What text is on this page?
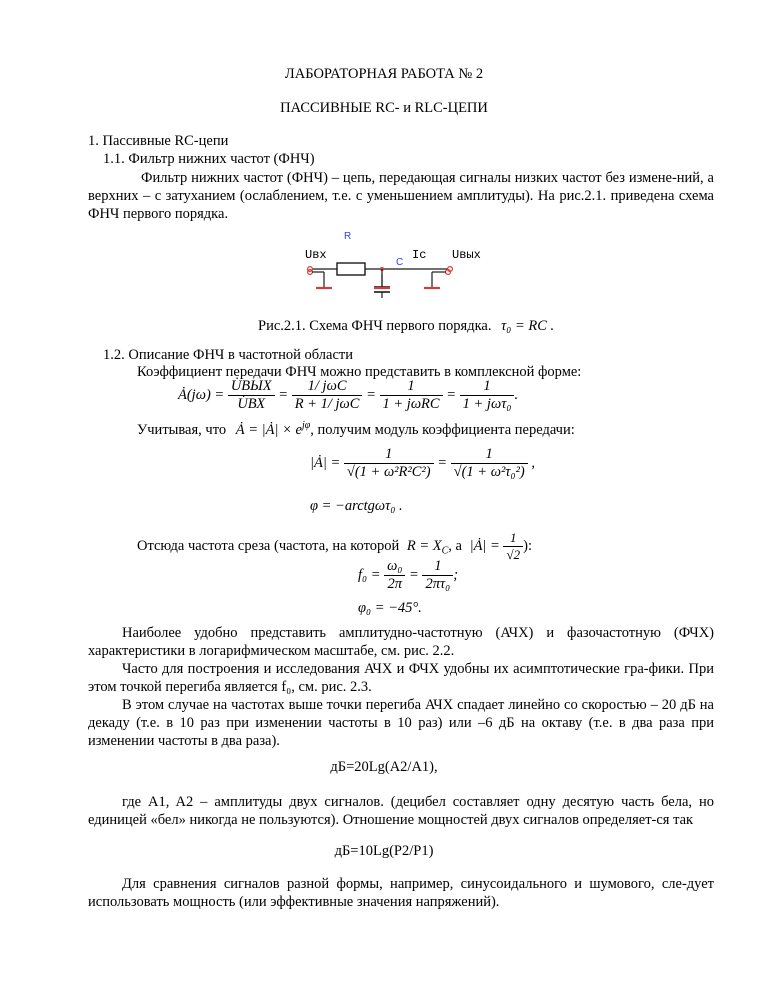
ЛАБОРАТОРНАЯ РАБОТА № 2
ПАССИВНЫЕ RC- и RLC-ЦЕПИ
1. Пассивные RC-цепи
1.1. Фильтр нижних частот (ФНЧ)
Фильтр нижних частот (ФНЧ) – цепь, передающая сигналы низких частот без измене-ний, а верхних – с затуханием (ослаблением, т.е. с уменьшением амплитуды). На рис.2.1. приведена схема ФНЧ первого порядка.
R
C
Uвх	Ic Uвых
Рис.2.1. Схема ФНЧ первого порядка. τ₀ = RC .
1.2. Описание ФНЧ в частотной области
Коэффициент передачи ФНЧ можно представить в комплексной форме:
Ȧ(jω) = $\frac{\text{U̇ВЫХ}}{U̇ВХ} = \frac{\text{1/ jωC}}{\text{R + 1/ jωC}} = \frac{1}{\text{1 + jωRC}} = \frac{1}{\text{1 + jωτ₀}}$ .
Учитывая, что Ȧ = |Ȧ| × $e^{j\varphi}$, получим модуль коэффициента передачи:
|Ȧ| = $\frac{1}{\text{√(1 + ω²R²C²)}} = \frac{1}{\text{√(1 + ω²τ₀²)}}$ ,
φ = −arctgωτ₀ .
Отсюда частота среза (частота, на которой $R = X_C$, а |Ȧ| = $\frac{1}{√2}$ ):
$f_0 = \frac{\text{ω₀}}{2\pi} = \frac{1}{\text{2πτ₀}}$ ;
φ₀ = −45°.
Наиболее удобно представить амплитудно-частотную (АЧХ) и фазочастотную (ФЧХ) характеристики в логарифмическом масштабе, см. рис. 2.2.
Часто для построения и исследования АЧХ и ФЧХ удобны их асимптотические гра-фики. При этом точкой перегиба является f₀, см. рис. 2.3.
В этом случае на частотах выше точки перегиба АЧХ спадает линейно со скоростью – 20 дБ на декаду (т.е. в 10 раз при изменении частоты в 10 раз) или –6 дБ на октаву (т.е. в два раза при изменении частоты в два раза).
дБ=20Lg(A2/A1),
где A1, A2 – амплитуды двух сигналов. (децибел составляет одну десятую часть бела, но единицей «бел» никогда не пользуются). Отношение мощностей двух сигналов определяет-ся так
дБ=10Lg(P2/P1)
Для сравнения сигналов разной формы, например, синусоидального и шумового, сле-дует использовать мощность (или эффективные значения напряжений).
